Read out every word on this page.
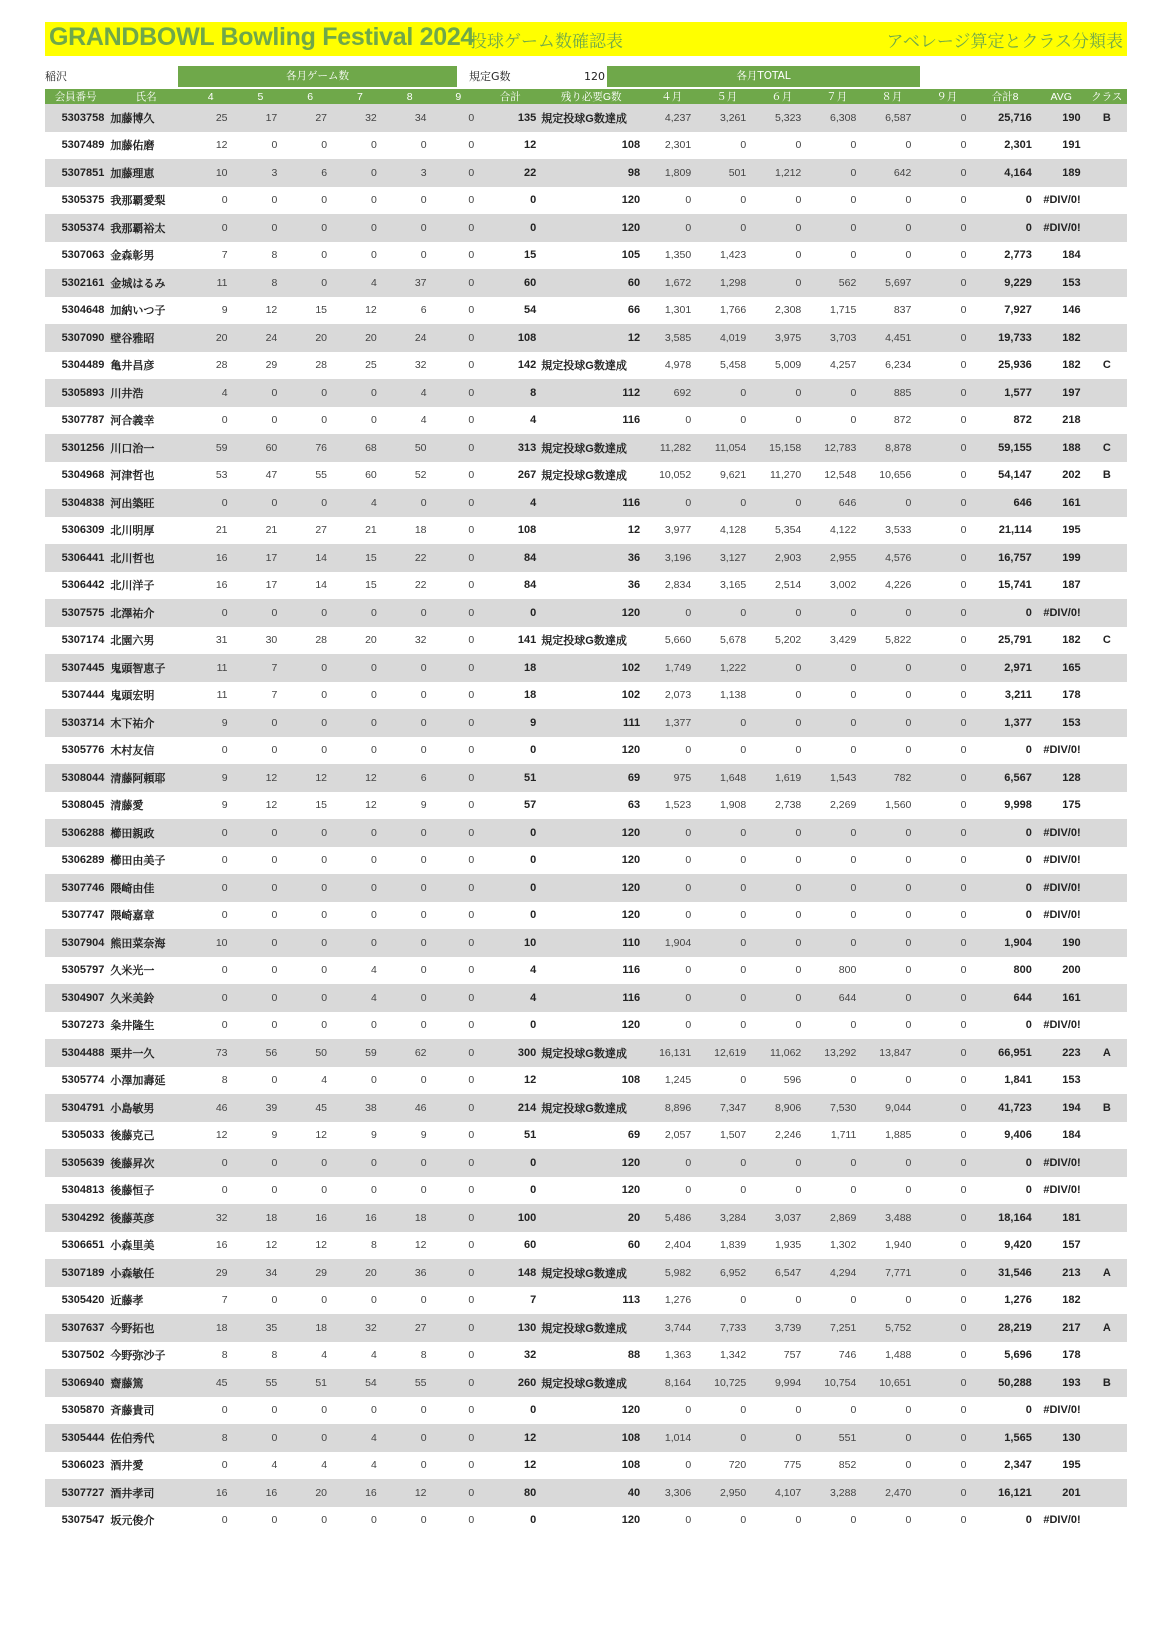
GRANDBOWL Bowling Festival 2024
投球ゲーム数確認表	アベレージ算定とクラス分類表
稲沢	各月ゲーム数	規定G数	120	各月TOTAL
会員番号	氏名	4	5	6	7	8	9	合計	残り必要G数	４月	５月	６月	７月	８月	９月	合計8	AVG	クラス
5303758	加藤博久	25	17	27	32	34	0	135	規定投球G数達成	4,237	3,261	5,323	6,308	6,587	0	25,716	190	B
5307489	加藤佑磨	12	0	0	0	0	0	12	108	2,301	0	0	0	0	0	2,301	191	
5307851	加藤理恵	10	3	6	0	3	0	22	98	1,809	501	1,212	0	642	0	4,164	189	
5305375	我那覇愛梨	0	0	0	0	0	0	0	120	0	0	0	0	0	0	0	#DIV/0!	
5305374	我那覇裕太	0	0	0	0	0	0	0	120	0	0	0	0	0	0	0	#DIV/0!	
5307063	金森彰男	7	8	0	0	0	0	15	105	1,350	1,423	0	0	0	0	2,773	184	
5302161	金城はるみ	11	8	0	4	37	0	60	60	1,672	1,298	0	562	5,697	0	9,229	153	
5304648	加納いつ子	9	12	15	12	6	0	54	66	1,301	1,766	2,308	1,715	837	0	7,927	146	
5307090	壁谷雅昭	20	24	20	20	24	0	108	12	3,585	4,019	3,975	3,703	4,451	0	19,733	182	
5304489	亀井昌彦	28	29	28	25	32	0	142	規定投球G数達成	4,978	5,458	5,009	4,257	6,234	0	25,936	182	C
5305893	川井浩	4	0	0	0	4	0	8	112	692	0	0	0	885	0	1,577	197	
5307787	河合義幸	0	0	0	0	4	0	4	116	0	0	0	0	872	0	872	218	
5301256	川口治一	59	60	76	68	50	0	313	規定投球G数達成	11,282	11,054	15,158	12,783	8,878	0	59,155	188	C
5304968	河津哲也	53	47	55	60	52	0	267	規定投球G数達成	10,052	9,621	11,270	12,548	10,656	0	54,147	202	B
5304838	河出築旺	0	0	0	4	0	0	4	116	0	0	0	646	0	0	646	161	
5306309	北川明厚	21	21	27	21	18	0	108	12	3,977	4,128	5,354	4,122	3,533	0	21,114	195	
5306441	北川哲也	16	17	14	15	22	0	84	36	3,196	3,127	2,903	2,955	4,576	0	16,757	199	
5306442	北川洋子	16	17	14	15	22	0	84	36	2,834	3,165	2,514	3,002	4,226	0	15,741	187	
5307575	北澤祐介	0	0	0	0	0	0	0	120	0	0	0	0	0	0	0	#DIV/0!	
5307174	北園六男	31	30	28	20	32	0	141	規定投球G数達成	5,660	5,678	5,202	3,429	5,822	0	25,791	182	C
5307445	鬼頭智恵子	11	7	0	0	0	0	18	102	1,749	1,222	0	0	0	0	2,971	165	
5307444	鬼頭宏明	11	7	0	0	0	0	18	102	2,073	1,138	0	0	0	0	3,211	178	
5303714	木下祐介	9	0	0	0	0	0	9	111	1,377	0	0	0	0	0	1,377	153	
5305776	木村友信	0	0	0	0	0	0	0	120	0	0	0	0	0	0	0	#DIV/0!	
5308044	清藤阿頼耶	9	12	12	12	6	0	51	69	975	1,648	1,619	1,543	782	0	6,567	128	
5308045	清藤愛	9	12	15	12	9	0	57	63	1,523	1,908	2,738	2,269	1,560	0	9,998	175	
5306288	櫛田親政	0	0	0	0	0	0	0	120	0	0	0	0	0	0	0	#DIV/0!	
5306289	櫛田由美子	0	0	0	0	0	0	0	120	0	0	0	0	0	0	0	#DIV/0!	
5307746	隈崎由佳	0	0	0	0	0	0	0	120	0	0	0	0	0	0	0	#DIV/0!	
5307747	隈崎嘉章	0	0	0	0	0	0	0	120	0	0	0	0	0	0	0	#DIV/0!	
5307904	熊田菜奈海	10	0	0	0	0	0	10	110	1,904	0	0	0	0	0	1,904	190	
5305797	久米光一	0	0	0	4	0	0	4	116	0	0	0	800	0	0	800	200	
5304907	久米美鈴	0	0	0	4	0	0	4	116	0	0	0	644	0	0	644	161	
5307273	粂井隆生	0	0	0	0	0	0	0	120	0	0	0	0	0	0	0	#DIV/0!	
5304488	栗井一久	73	56	50	59	62	0	300	規定投球G数達成	16,131	12,619	11,062	13,292	13,847	0	66,951	223	A
5305774	小澤加壽延	8	0	4	0	0	0	12	108	1,245	0	596	0	0	0	1,841	153	
5304791	小島敏男	46	39	45	38	46	0	214	規定投球G数達成	8,896	7,347	8,906	7,530	9,044	0	41,723	194	B
5305033	後藤克己	12	9	12	9	9	0	51	69	2,057	1,507	2,246	1,711	1,885	0	9,406	184	
5305639	後藤昇次	0	0	0	0	0	0	0	120	0	0	0	0	0	0	0	#DIV/0!	
5304813	後藤恒子	0	0	0	0	0	0	0	120	0	0	0	0	0	0	0	#DIV/0!	
5304292	後藤英彦	32	18	16	16	18	0	100	20	5,486	3,284	3,037	2,869	3,488	0	18,164	181	
5306651	小森里美	16	12	12	8	12	0	60	60	2,404	1,839	1,935	1,302	1,940	0	9,420	157	
5307189	小森敏任	29	34	29	20	36	0	148	規定投球G数達成	5,982	6,952	6,547	4,294	7,771	0	31,546	213	A
5305420	近藤孝	7	0	0	0	0	0	7	113	1,276	0	0	0	0	0	1,276	182	
5307637	今野拓也	18	35	18	32	27	0	130	規定投球G数達成	3,744	7,733	3,739	7,251	5,752	0	28,219	217	A
5307502	今野弥沙子	8	8	4	4	8	0	32	88	1,363	1,342	757	746	1,488	0	5,696	178	
5306940	齋藤篤	45	55	51	54	55	0	260	規定投球G数達成	8,164	10,725	9,994	10,754	10,651	0	50,288	193	B
5305870	斉藤貴司	0	0	0	0	0	0	0	120	0	0	0	0	0	0	0	#DIV/0!	
5305444	佐伯秀代	8	0	0	4	0	0	12	108	1,014	0	0	551	0	0	1,565	130	
5306023	酒井愛	0	4	4	4	0	0	12	108	0	720	775	852	0	0	2,347	195	
5307727	酒井孝司	16	16	20	16	12	0	80	40	3,306	2,950	4,107	3,288	2,470	0	16,121	201	
5307547	坂元俊介	0	0	0	0	0	0	0	120	0	0	0	0	0	0	0	#DIV/0!	
